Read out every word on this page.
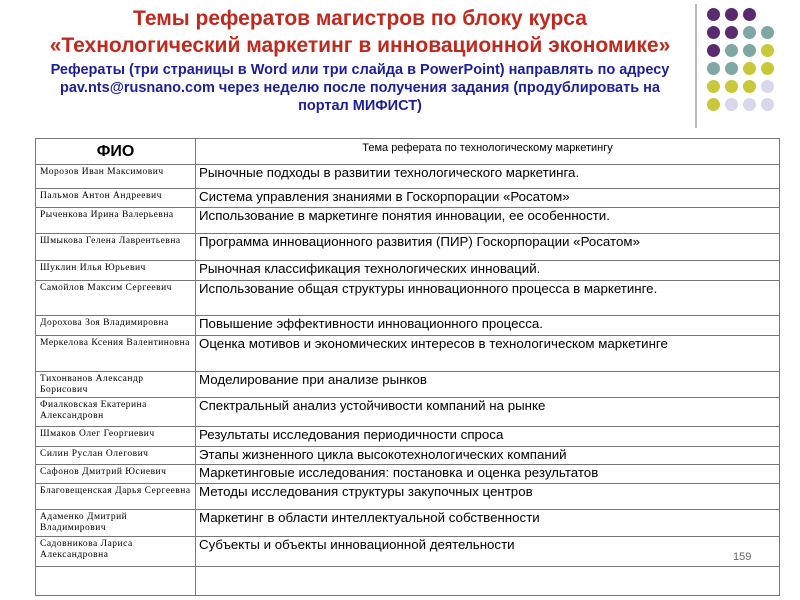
Темы рефератов магистров по блоку курса
«Технологический маркетинг в инновационной экономике»
Рефераты (три страницы в Word или три слайда в PowerPoint) направлять по адресу
pav.nts@rusnano.com через неделю после получения задания (продублировать на
портал МИФИСТ)
ФИО	Тема реферата по технологическому маркетингу
Морозов Иван Максимович	Рыночные подходы в развитии технологического маркетинга.
Пальмов Антон Андреевич	Система управления знаниями в Госкорпорации «Росатом»
Рыченкова Ирина Валерьевна	Использование в маркетинге понятия инновации, ее особенности.
Шмыкова Гелена Лаврентьевна	Программа инновационного развития (ПИР) Госкорпорации «Росатом»
Шуклин Илья Юрьевич	Рыночная классификация технологических инноваций.
Самойлов Максим Сергеевич	Использование общая структуры инновационного процесса в маркетинге.
Дорохова Зоя Владимировна	Повышение эффективности инновационного процесса.
Меркелова Ксения Валентиновна	Оценка мотивов и экономических интересов в технологическом маркетинге
Тихонванов Александр Борисович	Моделирование при анализе рынков
Фиалковская Екатерина Александровн	Спектральный анализ устойчивости компаний на рынке
Шмаков Олег Георгиевич	Результаты исследования периодичности спроса
Силин Руслан Олегович	Этапы жизненного цикла высокотехнологических компаний
Сафонов Дмитрий Юсиевич	Маркетинговые исследования: постановка и оценка результатов
Благовещенская Дарья Сергеевна	Методы исследования структуры закупочных центров
Адаменко Дмитрий Владимирович	Маркетинг в области интеллектуальной собственности
Садовникова Лариса Александровна	Субъекты и объекты инновационной деятельности

159
